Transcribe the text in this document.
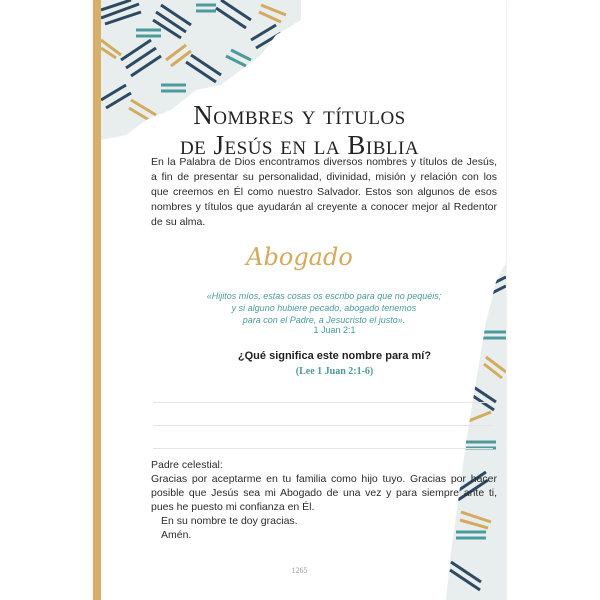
Nombres y títulos
de Jesús en la Biblia

En la Palabra de Dios encontramos diversos nombres y títulos de Jesús, a fin de presentar su personalidad, divinidad, misión y relación con los que creemos en Él como nuestro Salvador. Estos son algunos de esos nombres y títulos que ayudarán al creyente a conocer mejor al Redentor de su alma.

Abogado
«Hijitos míos, estas cosas os escribo para que no pequéis;
y si alguno hubiere pecado, abogado tenemos
para con el Padre, a Jesucristo el justo».
1 Juan 2:1
¿Qué significa este nombre para mí?
(Lee 1 Juan 2:1-6)

Padre celestial:

Gracias por aceptarme en tu familia como hijo tuyo. Gracias por hacer posible que Jesús sea mi Abogado de una vez y para siempre ante ti, pues he puesto mi confianza en Él.

En su nombre te doy gracias.

Amén.

1265
